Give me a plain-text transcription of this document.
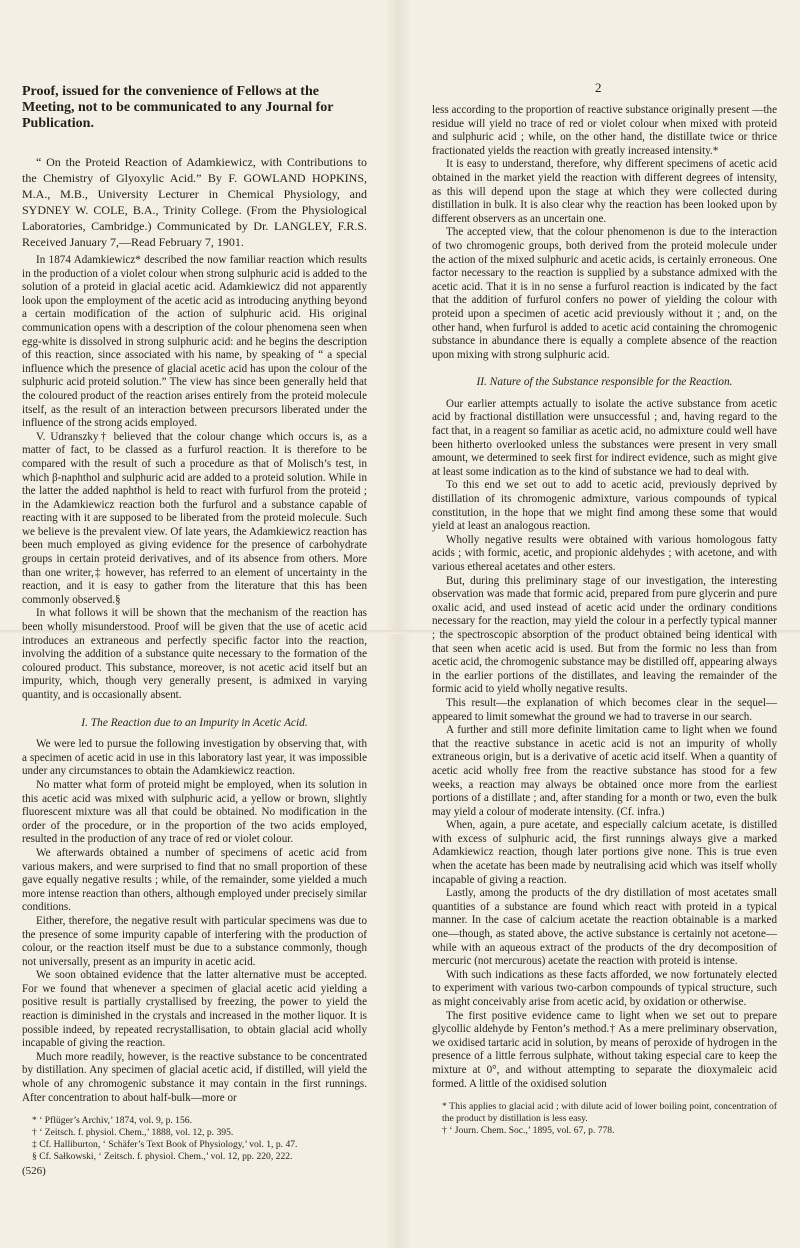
Proof, issued for the convenience of Fellows at the Meeting, not to be communicated to any Journal for Publication.

“ On the Proteid Reaction of Adamkiewicz, with Contributions to the Chemistry of Glyoxylic Acid.” By F. GOWLAND HOPKINS, M.A., M.B., University Lecturer in Chemical Physiology, and SYDNEY W. COLE, B.A., Trinity College. (From the Physiological Laboratories, Cambridge.) Communicated by Dr. LANGLEY, F.R.S. Received January 7,—Read February 7, 1901.

In 1874 Adamkiewicz* described the now familiar reaction which results in the production of a violet colour when strong sulphuric acid is added to the solution of a proteid in glacial acetic acid. Adamkiewicz did not apparently look upon the employment of the acetic acid as introducing anything beyond a certain modification of the action of sulphuric acid. His original communication opens with a description of the colour phenomena seen when egg-white is dissolved in strong sulphuric acid: and he begins the description of this reaction, since associated with his name, by speaking of “ a special influence which the presence of glacial acetic acid has upon the colour of the sulphuric acid proteid solution.” The view has since been generally held that the coloured product of the reaction arises entirely from the proteid molecule itself, as the result of an interaction between precursors liberated under the influence of the strong acids employed.

V. Udranszky† believed that the colour change which occurs is, as a matter of fact, to be classed as a furfurol reaction. It is therefore to be compared with the result of such a procedure as that of Molisch’s test, in which β-naphthol and sulphuric acid are added to a proteid solution. While in the latter the added naphthol is held to react with furfurol from the proteid ; in the Adamkiewicz reaction both the furfurol and a substance capable of reacting with it are supposed to be liberated from the proteid molecule. Such we believe is the prevalent view. Of late years, the Adamkiewicz reaction has been much employed as giving evidence for the presence of carbohydrate groups in certain proteid derivatives, and of its absence from others. More than one writer,‡ however, has referred to an element of uncertainty in the reaction, and it is easy to gather from the literature that this has been commonly observed.§

In what follows it will be shown that the mechanism of the reaction has been wholly misunderstood. Proof will be given that the use of acetic acid introduces an extraneous and perfectly specific factor into the reaction, involving the addition of a substance quite necessary to the formation of the coloured product. This substance, moreover, is not acetic acid itself but an impurity, which, though very generally present, is admixed in varying quantity, and is occasionally absent.

I. The Reaction due to an Impurity in Acetic Acid.

We were led to pursue the following investigation by observing that, with a specimen of acetic acid in use in this laboratory last year, it was impossible under any circumstances to obtain the Adamkiewicz reaction.

No matter what form of proteid might be employed, when its solution in this acetic acid was mixed with sulphuric acid, a yellow or brown, slightly fluorescent mixture was all that could be obtained. No modification in the order of the procedure, or in the proportion of the two acids employed, resulted in the production of any trace of red or violet colour.

We afterwards obtained a number of specimens of acetic acid from various makers, and were surprised to find that no small proportion of these gave equally negative results ; while, of the remainder, some yielded a much more intense reaction than others, although employed under precisely similar conditions.

Either, therefore, the negative result with particular specimens was due to the presence of some impurity capable of interfering with the production of colour, or the reaction itself must be due to a substance commonly, though not universally, present as an impurity in acetic acid.

We soon obtained evidence that the latter alternative must be accepted. For we found that whenever a specimen of glacial acetic acid yielding a positive result is partially crystallised by freezing, the power to yield the reaction is diminished in the crystals and increased in the mother liquor. It is possible indeed, by repeated recrystallisation, to obtain glacial acid wholly incapable of giving the reaction.

Much more readily, however, is the reactive substance to be concentrated by distillation. Any specimen of glacial acetic acid, if distilled, will yield the whole of any chromogenic substance it may contain in the first runnings. After concentration to about half-bulk—more or

* ‘ Pflüger’s Archiv,’ 1874, vol. 9, p. 156.
† ‘ Zeitsch. f. physiol. Chem.,’ 1888, vol. 12, p. 395.
‡ Cf. Halliburton, ‘ Schäfer’s Text Book of Physiology,’ vol. 1, p. 47.
§ Cf. Sałkowski, ‘ Zeitsch. f. physiol. Chem.,’ vol. 12, pp. 220, 222.
(526)
2

less according to the proportion of reactive substance originally present —the residue will yield no trace of red or violet colour when mixed with proteid and sulphuric acid ; while, on the other hand, the distillate twice or thrice fractionated yields the reaction with greatly increased intensity.*

It is easy to understand, therefore, why different specimens of acetic acid obtained in the market yield the reaction with different degrees of intensity, as this will depend upon the stage at which they were collected during distillation in bulk. It is also clear why the reaction has been looked upon by different observers as an uncertain one.

The accepted view, that the colour phenomenon is due to the interaction of two chromogenic groups, both derived from the proteid molecule under the action of the mixed sulphuric and acetic acids, is certainly erroneous. One factor necessary to the reaction is supplied by a substance admixed with the acetic acid. That it is in no sense a furfurol reaction is indicated by the fact that the addition of furfurol confers no power of yielding the colour with proteid upon a specimen of acetic acid previously without it ; and, on the other hand, when furfurol is added to acetic acid containing the chromogenic substance in abundance there is equally a complete absence of the reaction upon mixing with strong sulphuric acid.

II. Nature of the Substance responsible for the Reaction.

Our earlier attempts actually to isolate the active substance from acetic acid by fractional distillation were unsuccessful ; and, having regard to the fact that, in a reagent so familiar as acetic acid, no admixture could well have been hitherto overlooked unless the substances were present in very small amount, we determined to seek first for indirect evidence, such as might give at least some indication as to the kind of substance we had to deal with.

To this end we set out to add to acetic acid, previously deprived by distillation of its chromogenic admixture, various compounds of typical constitution, in the hope that we might find among these some that would yield at least an analogous reaction.

Wholly negative results were obtained with various homologous fatty acids ; with formic, acetic, and propionic aldehydes ; with acetone, and with various ethereal acetates and other esters.

But, during this preliminary stage of our investigation, the interesting observation was made that formic acid, prepared from pure glycerin and pure oxalic acid, and used instead of acetic acid under the ordinary conditions necessary for the reaction, may yield the colour in a perfectly typical manner ; the spectroscopic absorption of the product obtained being identical with that seen when acetic acid is used. But from the formic no less than from acetic acid, the chromogenic substance may be distilled off, appearing always in the earlier portions of the distillates, and leaving the remainder of the formic acid to yield wholly negative results.

This result—the explanation of which becomes clear in the sequel—appeared to limit somewhat the ground we had to traverse in our search.

A further and still more definite limitation came to light when we found that the reactive substance in acetic acid is not an impurity of wholly extraneous origin, but is a derivative of acetic acid itself. When a quantity of acetic acid wholly free from the reactive substance has stood for a few weeks, a reaction may always be obtained once more from the earliest portions of a distillate ; and, after standing for a month or two, even the bulk may yield a colour of moderate intensity. (Cf. infra.)

When, again, a pure acetate, and especially calcium acetate, is distilled with excess of sulphuric acid, the first runnings always give a marked Adamkiewicz reaction, though later portions give none. This is true even when the acetate has been made by neutralising acid which was itself wholly incapable of giving a reaction.

Lastly, among the products of the dry distillation of most acetates small quantities of a substance are found which react with proteid in a typical manner. In the case of calcium acetate the reaction obtainable is a marked one—though, as stated above, the active substance is certainly not acetone—while with an aqueous extract of the products of the dry decomposition of mercuric (not mercurous) acetate the reaction with proteid is intense.

With such indications as these facts afforded, we now fortunately elected to experiment with various two-carbon compounds of typical structure, such as might conceivably arise from acetic acid, by oxidation or otherwise.

The first positive evidence came to light when we set out to prepare glycollic aldehyde by Fenton’s method.† As a mere preliminary observation, we oxidised tartaric acid in solution, by means of peroxide of hydrogen in the presence of a little ferrous sulphate, without taking especial care to keep the mixture at 0°, and without attempting to separate the dioxymaleic acid formed. A little of the oxidised solution

* This applies to glacial acid ; with dilute acid of lower boiling point, concentration of the product by distillation is less easy.
† ‘ Journ. Chem. Soc.,’ 1895, vol. 67, p. 778.
